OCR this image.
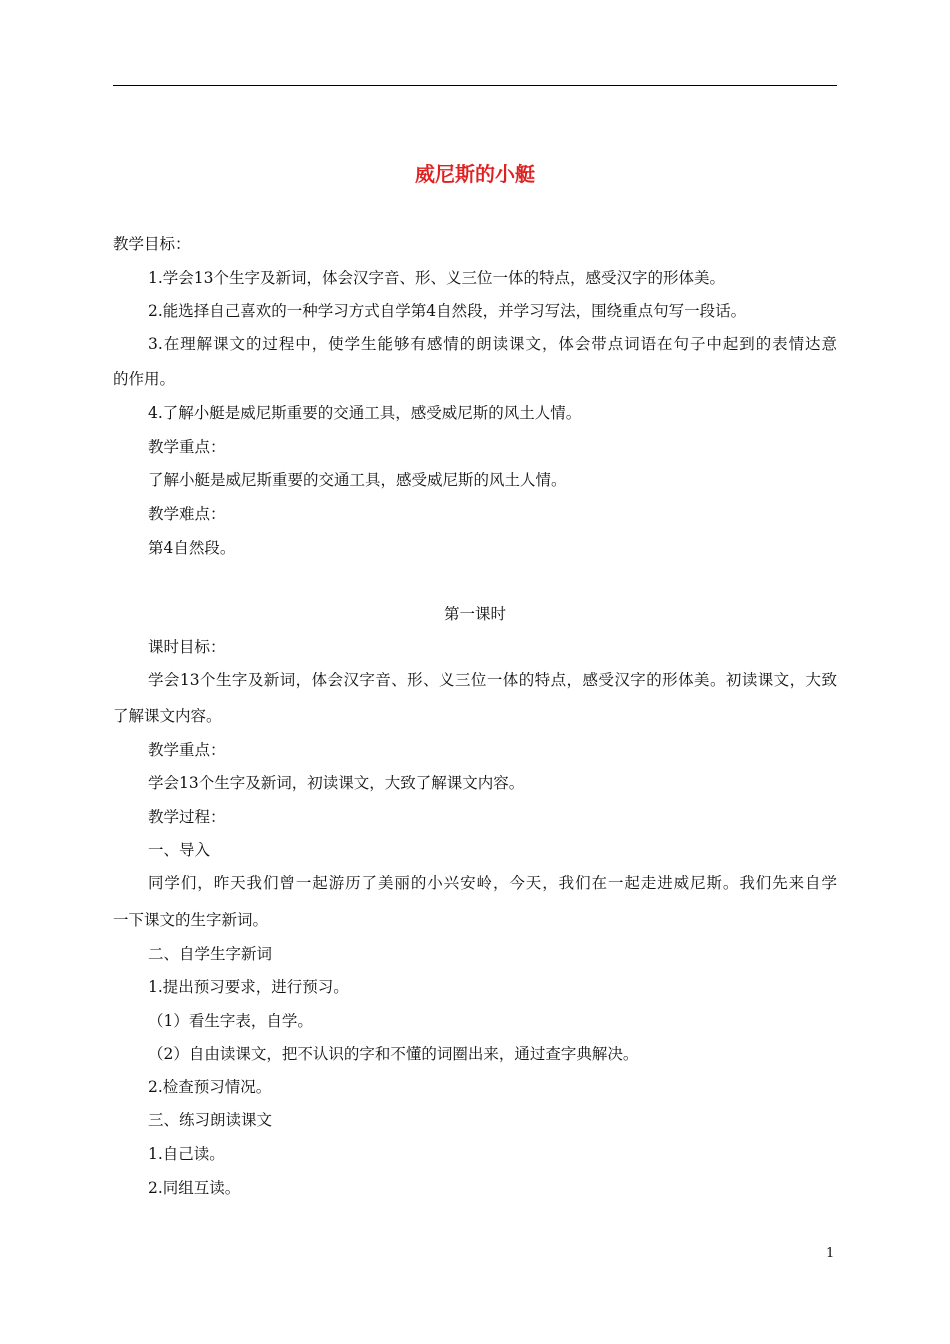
威尼斯的小艇
教学目标：
1.学会13个生字及新词，体会汉字音、形、义三位一体的特点，感受汉字的形体美。
2.能选择自己喜欢的一种学习方式自学第4自然段，并学习写法，围绕重点句写一段话。
3.在理解课文的过程中，使学生能够有感情的朗读课文，体会带点词语在句子中起到的表情达意
的作用。
4.了解小艇是威尼斯重要的交通工具，感受威尼斯的风土人情。
教学重点：
了解小艇是威尼斯重要的交通工具，感受威尼斯的风土人情。
教学难点：
第4自然段。
第一课时
课时目标：
学会13个生字及新词，体会汉字音、形、义三位一体的特点，感受汉字的形体美。初读课文，大致
了解课文内容。
教学重点：
学会13个生字及新词，初读课文，大致了解课文内容。
教学过程：
一、导入
同学们，昨天我们曾一起游历了美丽的小兴安岭，今天，我们在一起走进威尼斯。我们先来自学
一下课文的生字新词。
二、自学生字新词
1.提出预习要求，进行预习。
（1）看生字表，自学。
（2）自由读课文，把不认识的字和不懂的词圈出来，通过查字典解决。
2.检查预习情况。
三、练习朗读课文
1.自己读。
2.同组互读。
1
